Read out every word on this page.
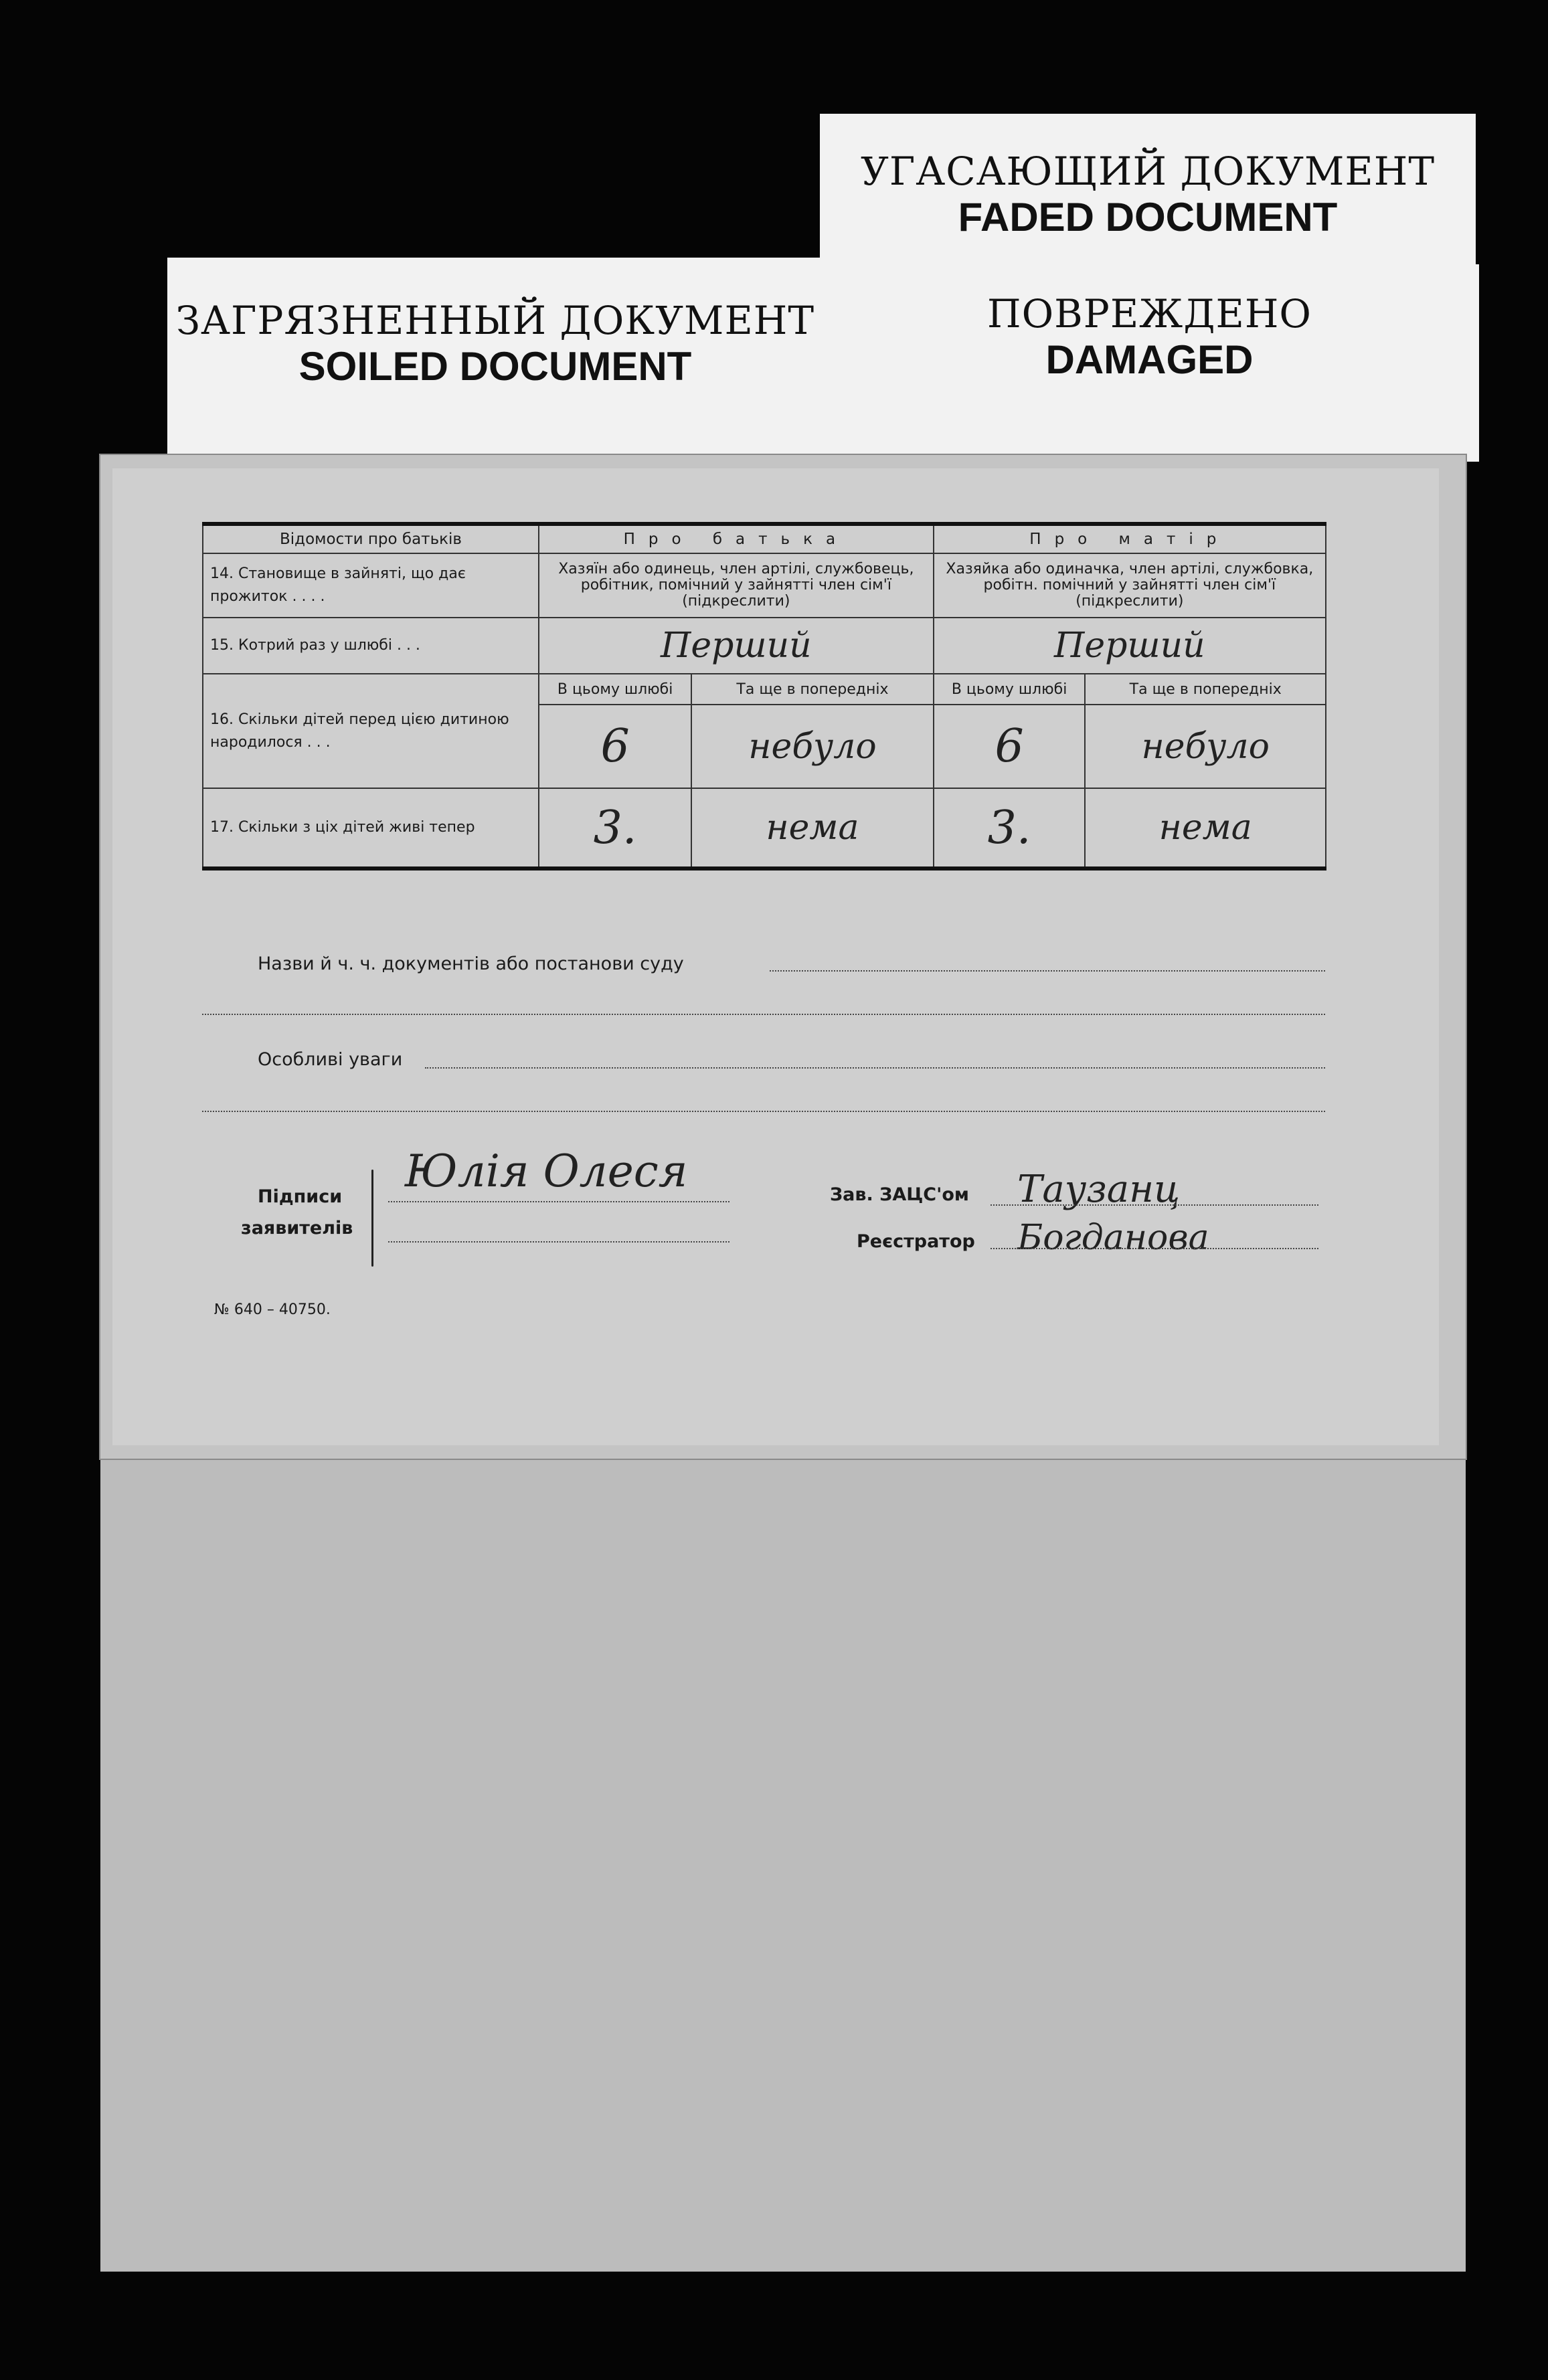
УГАСАЮЩИЙ ДОКУМЕНТ
FADED DOCUMENT
ЗАГРЯЗНЕННЫЙ ДОКУМЕНТ
SOILED DOCUMENT
ПОВРЕЖДЕНО
DAMAGED
Відомости про батьків	Про батька		Про матір	
14. Становище в зайняті, що дає прожиток . . . .	Хазяїн або одинець, член артілі, службовець, робітник, помічний у зайнятті член сім'ї (підкреслити)		Хазяйка або одиначка, член артілі, службовка, робітн. помічний у зайнятті член сім'ї (підкреслити)	
15. Котрий раз у шлюбі . . .	Перший		Перший	
16. Скільки дітей перед цією дитиною народилося . . .	В цьому шлюбі	Та ще в попередніх	В цьому шлюбі	Та ще в попередніх
	6	небуло	6	небуло
17. Скільки з ціх дітей живі тепер	3.	нема	3.	нема
Назви й ч. ч. документів або постанови суду
Особливі уваги
Підписи
заявителів
Юлія Олеся	Зав. ЗАЦС'ом Таузанц
Реєстратор Богданова
№ 640 – 40750.
